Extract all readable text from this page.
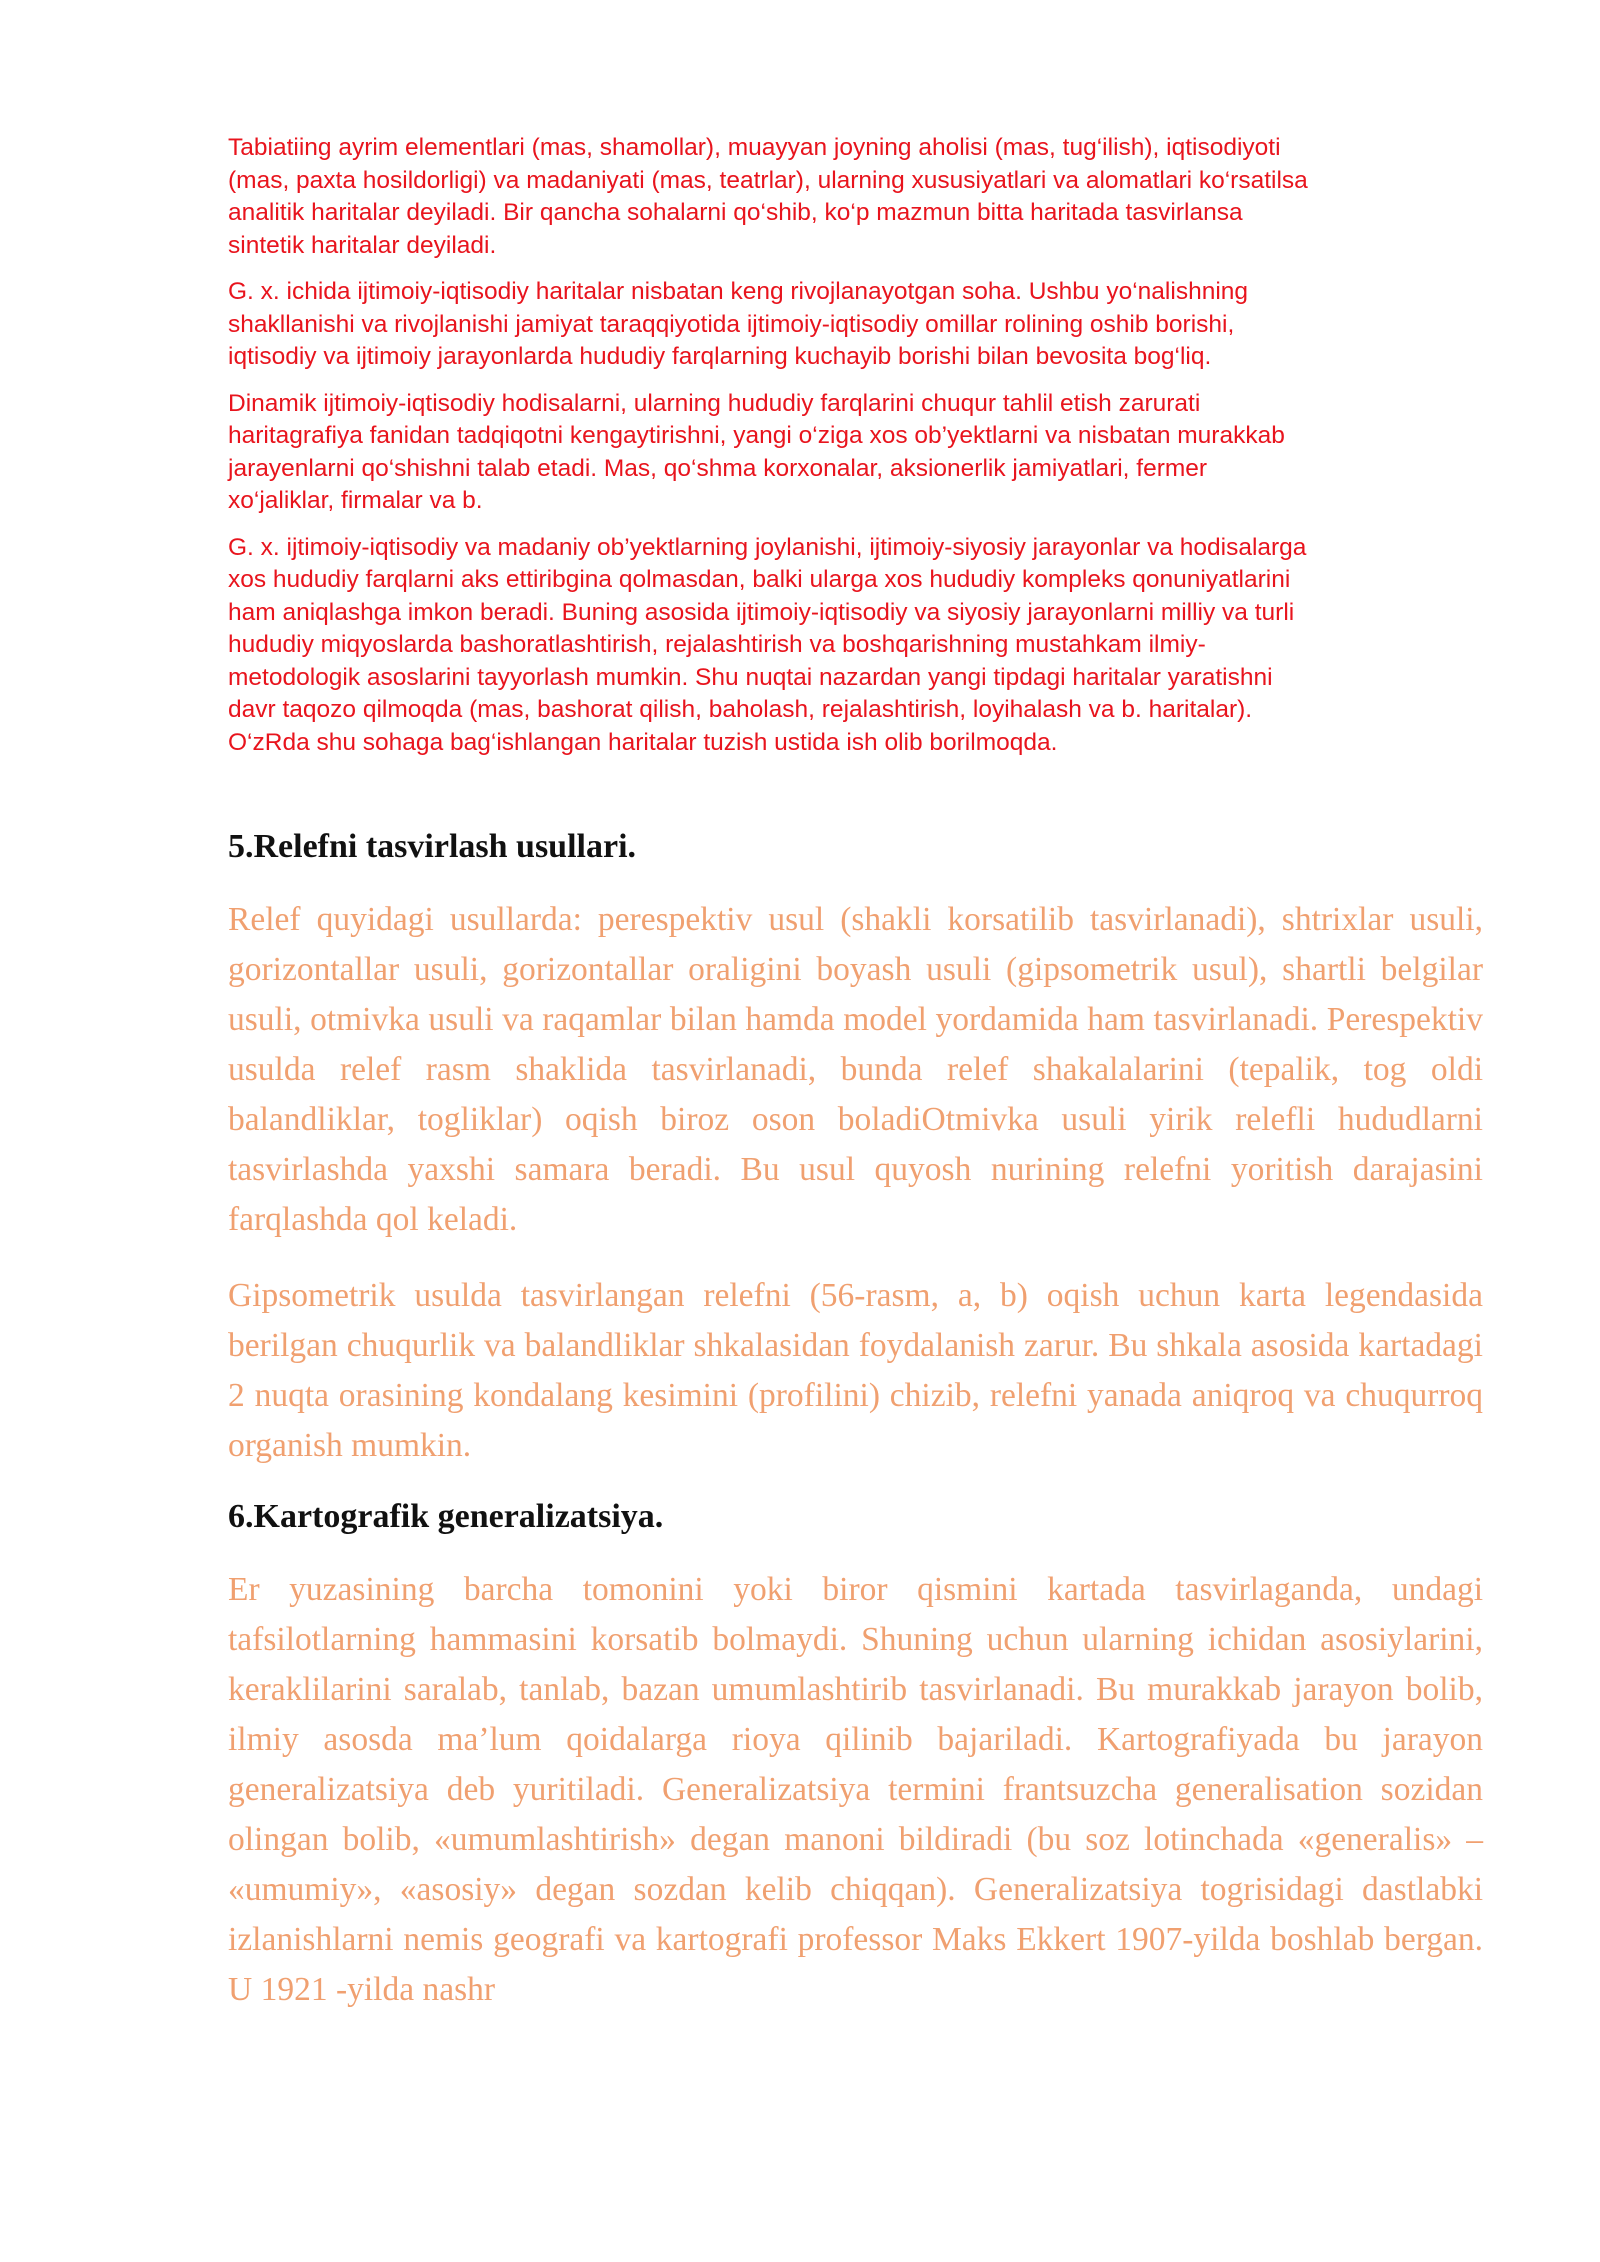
Tabiatiing ayrim elementlari (mas, shamollar), muayyan joyning aholisi (mas, tug‘ilish), iqtisodiyoti
(mas, paxta hosildorligi) va madaniyati (mas, teatrlar), ularning xususiyatlari va alomatlari ko‘rsatilsa
analitik haritalar deyiladi. Bir qancha sohalarni qo‘shib, ko‘p mazmun bitta haritada tasvirlansa
sintetik haritalar deyiladi.

G. x. ichida ijtimoiy-iqtisodiy haritalar nisbatan keng rivojlanayotgan soha. Ushbu yo‘nalishning
shakllanishi va rivojlanishi jamiyat taraqqiyotida ijtimoiy-iqtisodiy omillar rolining oshib borishi,
iqtisodiy va ijtimoiy jarayonlarda hududiy farqlarning kuchayib borishi bilan bevosita bog‘liq.

Dinamik ijtimoiy-iqtisodiy hodisalarni, ularning hududiy farqlarini chuqur tahlil etish zarurati
haritagrafiya fanidan tadqiqotni kengaytirishni, yangi o‘ziga xos ob’yektlarni va nisbatan murakkab
jarayenlarni qo‘shishni talab etadi. Mas, qo‘shma korxonalar, aksionerlik jamiyatlari, fermer
xo‘jaliklar, firmalar va b.

G. x. ijtimoiy-iqtisodiy va madaniy ob’yektlarning joylanishi, ijtimoiy-siyosiy jarayonlar va hodisalarga
xos hududiy farqlarni aks ettiribgina qolmasdan, balki ularga xos hududiy kompleks qonuniyatlarini
ham aniqlashga imkon beradi. Buning asosida ijtimoiy-iqtisodiy va siyosiy jarayonlarni milliy va turli
hududiy miqyoslarda bashoratlashtirish, rejalashtirish va boshqarishning mustahkam ilmiy-
metodologik asoslarini tayyorlash mumkin. Shu nuqtai nazardan yangi tipdagi haritalar yaratishni
davr taqozo qilmoqda (mas, bashorat qilish, baholash, rejalashtirish, loyihalash va b. haritalar).
O‘zRda shu sohaga bag‘ishlangan haritalar tuzish ustida ish olib borilmoqda.

5.Relefni tasvirlash usullari.

Relef quyidagi usullarda: perespektiv usul (shakli korsatilib tasvirlanadi), shtrixlar usuli, gorizontallar usuli, gorizontallar oraligini boyash usuli (gipsometrik usul), shartli belgilar usuli, otmivka usuli va raqamlar bilan hamda model yordamida ham tasvirlanadi. Perespektiv usulda relef rasm shaklida tasvirlanadi, bunda relef shakalalarini (tepalik, tog oldi balandliklar, togliklar) oqish biroz oson boladiOtmivka usuli yirik relefli hududlarni tasvirlashda yaxshi samara beradi. Bu usul quyosh nurining relefni yoritish darajasini farqlashda qol keladi.

Gipsometrik usulda tasvirlangan relefni (56-rasm, a, b) oqish uchun karta legendasida berilgan chuqurlik va balandliklar shkalasidan foydalanish zarur. Bu shkala asosida kartadagi 2 nuqta orasining kondalang kesimini (profilini) chizib, relefni yanada aniqroq va chuqurroq organish mumkin.

6.Kartografik generalizatsiya.

Er yuzasining barcha tomonini yoki biror qismini kartada tasvirlaganda, undagi tafsilotlarning hammasini korsatib bolmaydi. Shuning uchun ularning ichidan asosiylarini, keraklilarini saralab, tanlab, bazan umumlashtirib tasvirlanadi. Bu murakkab jarayon bolib, ilmiy asosda ma’lum qoidalarga rioya qilinib bajariladi. Kartografiyada bu jarayon generalizatsiya deb yuritiladi. Generalizatsiya termini frantsuzcha generalisation sozidan olingan bolib, «umumlashtirish» degan manoni bildiradi (bu soz lotinchada «generalis» – «umumiy», «asosiy» degan sozdan kelib chiqqan). Generalizatsiya togrisidagi dastlabki izlanishlarni nemis geografi va kartografi professor Maks Ekkert 1907-yilda boshlab bergan. U 1921 -yilda nashr
